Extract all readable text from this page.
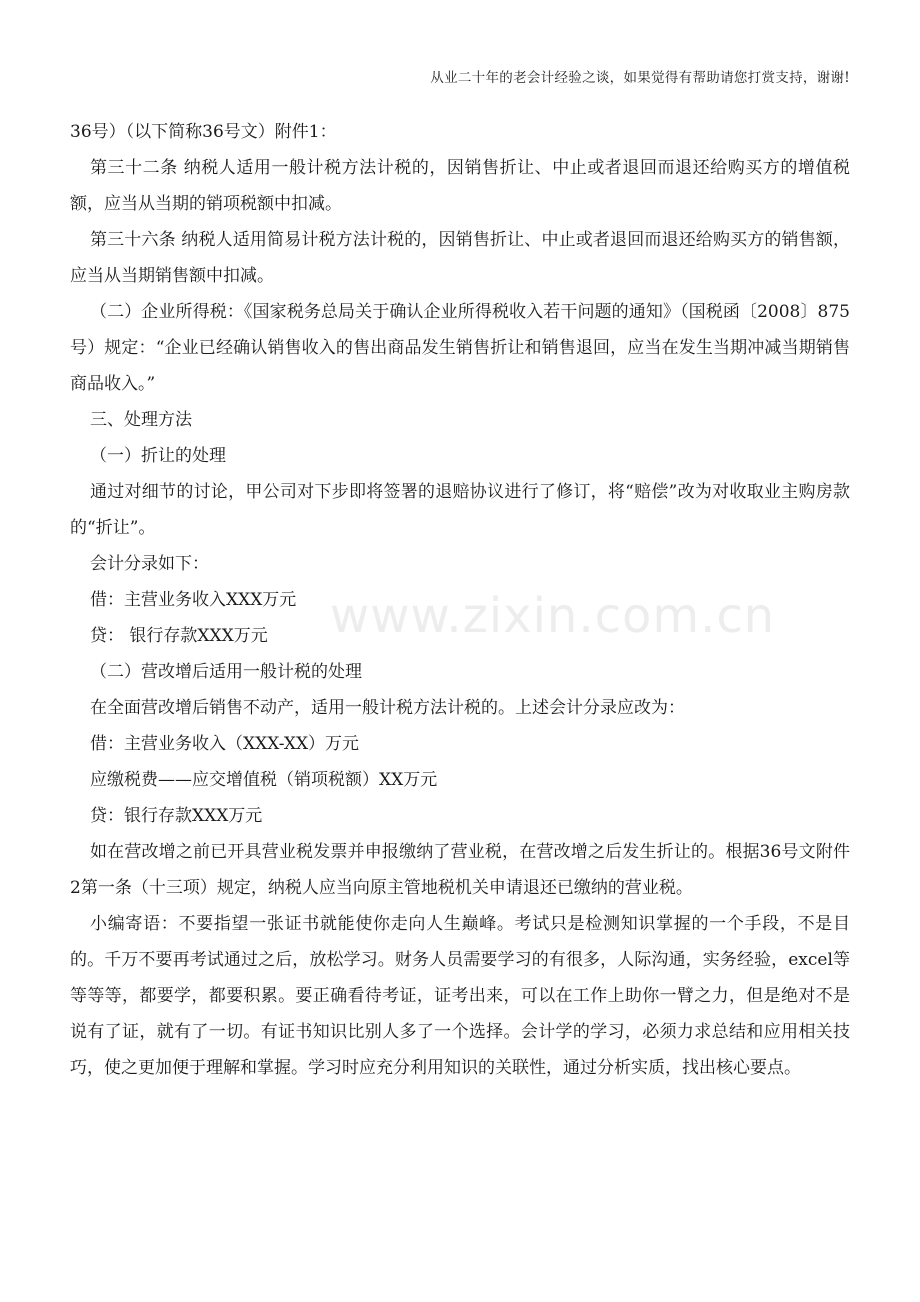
从业二十年的老会计经验之谈，如果觉得有帮助请您打赏支持，谢谢!
www.zixin.com.cn

36号）（以下简称36号文）附件1：

第三十二条 纳税人适用一般计税方法计税的，因销售折让、中止或者退回而退还给购买方的增值税额，应当从当期的销项税额中扣减。

第三十六条 纳税人适用简易计税方法计税的，因销售折让、中止或者退回而退还给购买方的销售额，应当从当期销售额中扣减。

（二）企业所得税：《国家税务总局关于确认企业所得税收入若干问题的通知》（国税函〔2008〕875号）规定：“企业已经确认销售收入的售出商品发生销售折让和销售退回，应当在发生当期冲减当期销售商品收入。”

三、处理方法

（一）折让的处理

通过对细节的讨论，甲公司对下步即将签署的退赔协议进行了修订，将“赔偿”改为对收取业主购房款的“折让”。

会计分录如下：

借：主营业务收入XXX万元

贷： 银行存款XXX万元

（二）营改增后适用一般计税的处理

在全面营改增后销售不动产，适用一般计税方法计税的。上述会计分录应改为：

借：主营业务收入（XXX-XX）万元

应缴税费——应交增值税（销项税额）XX万元

贷：银行存款XXX万元

如在营改增之前已开具营业税发票并申报缴纳了营业税，在营改增之后发生折让的。根据36号文附件2第一条（十三项）规定，纳税人应当向原主管地税机关申请退还已缴纳的营业税。

小编寄语：不要指望一张证书就能使你走向人生巅峰。考试只是检测知识掌握的一个手段，不是目的。千万不要再考试通过之后，放松学习。财务人员需要学习的有很多，人际沟通，实务经验，excel等等等等，都要学，都要积累。要正确看待考证，证考出来，可以在工作上助你一臂之力，但是绝对不是说有了证，就有了一切。有证书知识比别人多了一个选择。会计学的学习，必须力求总结和应用相关技巧，使之更加便于理解和掌握。学习时应充分利用知识的关联性，通过分析实质，找出核心要点。
